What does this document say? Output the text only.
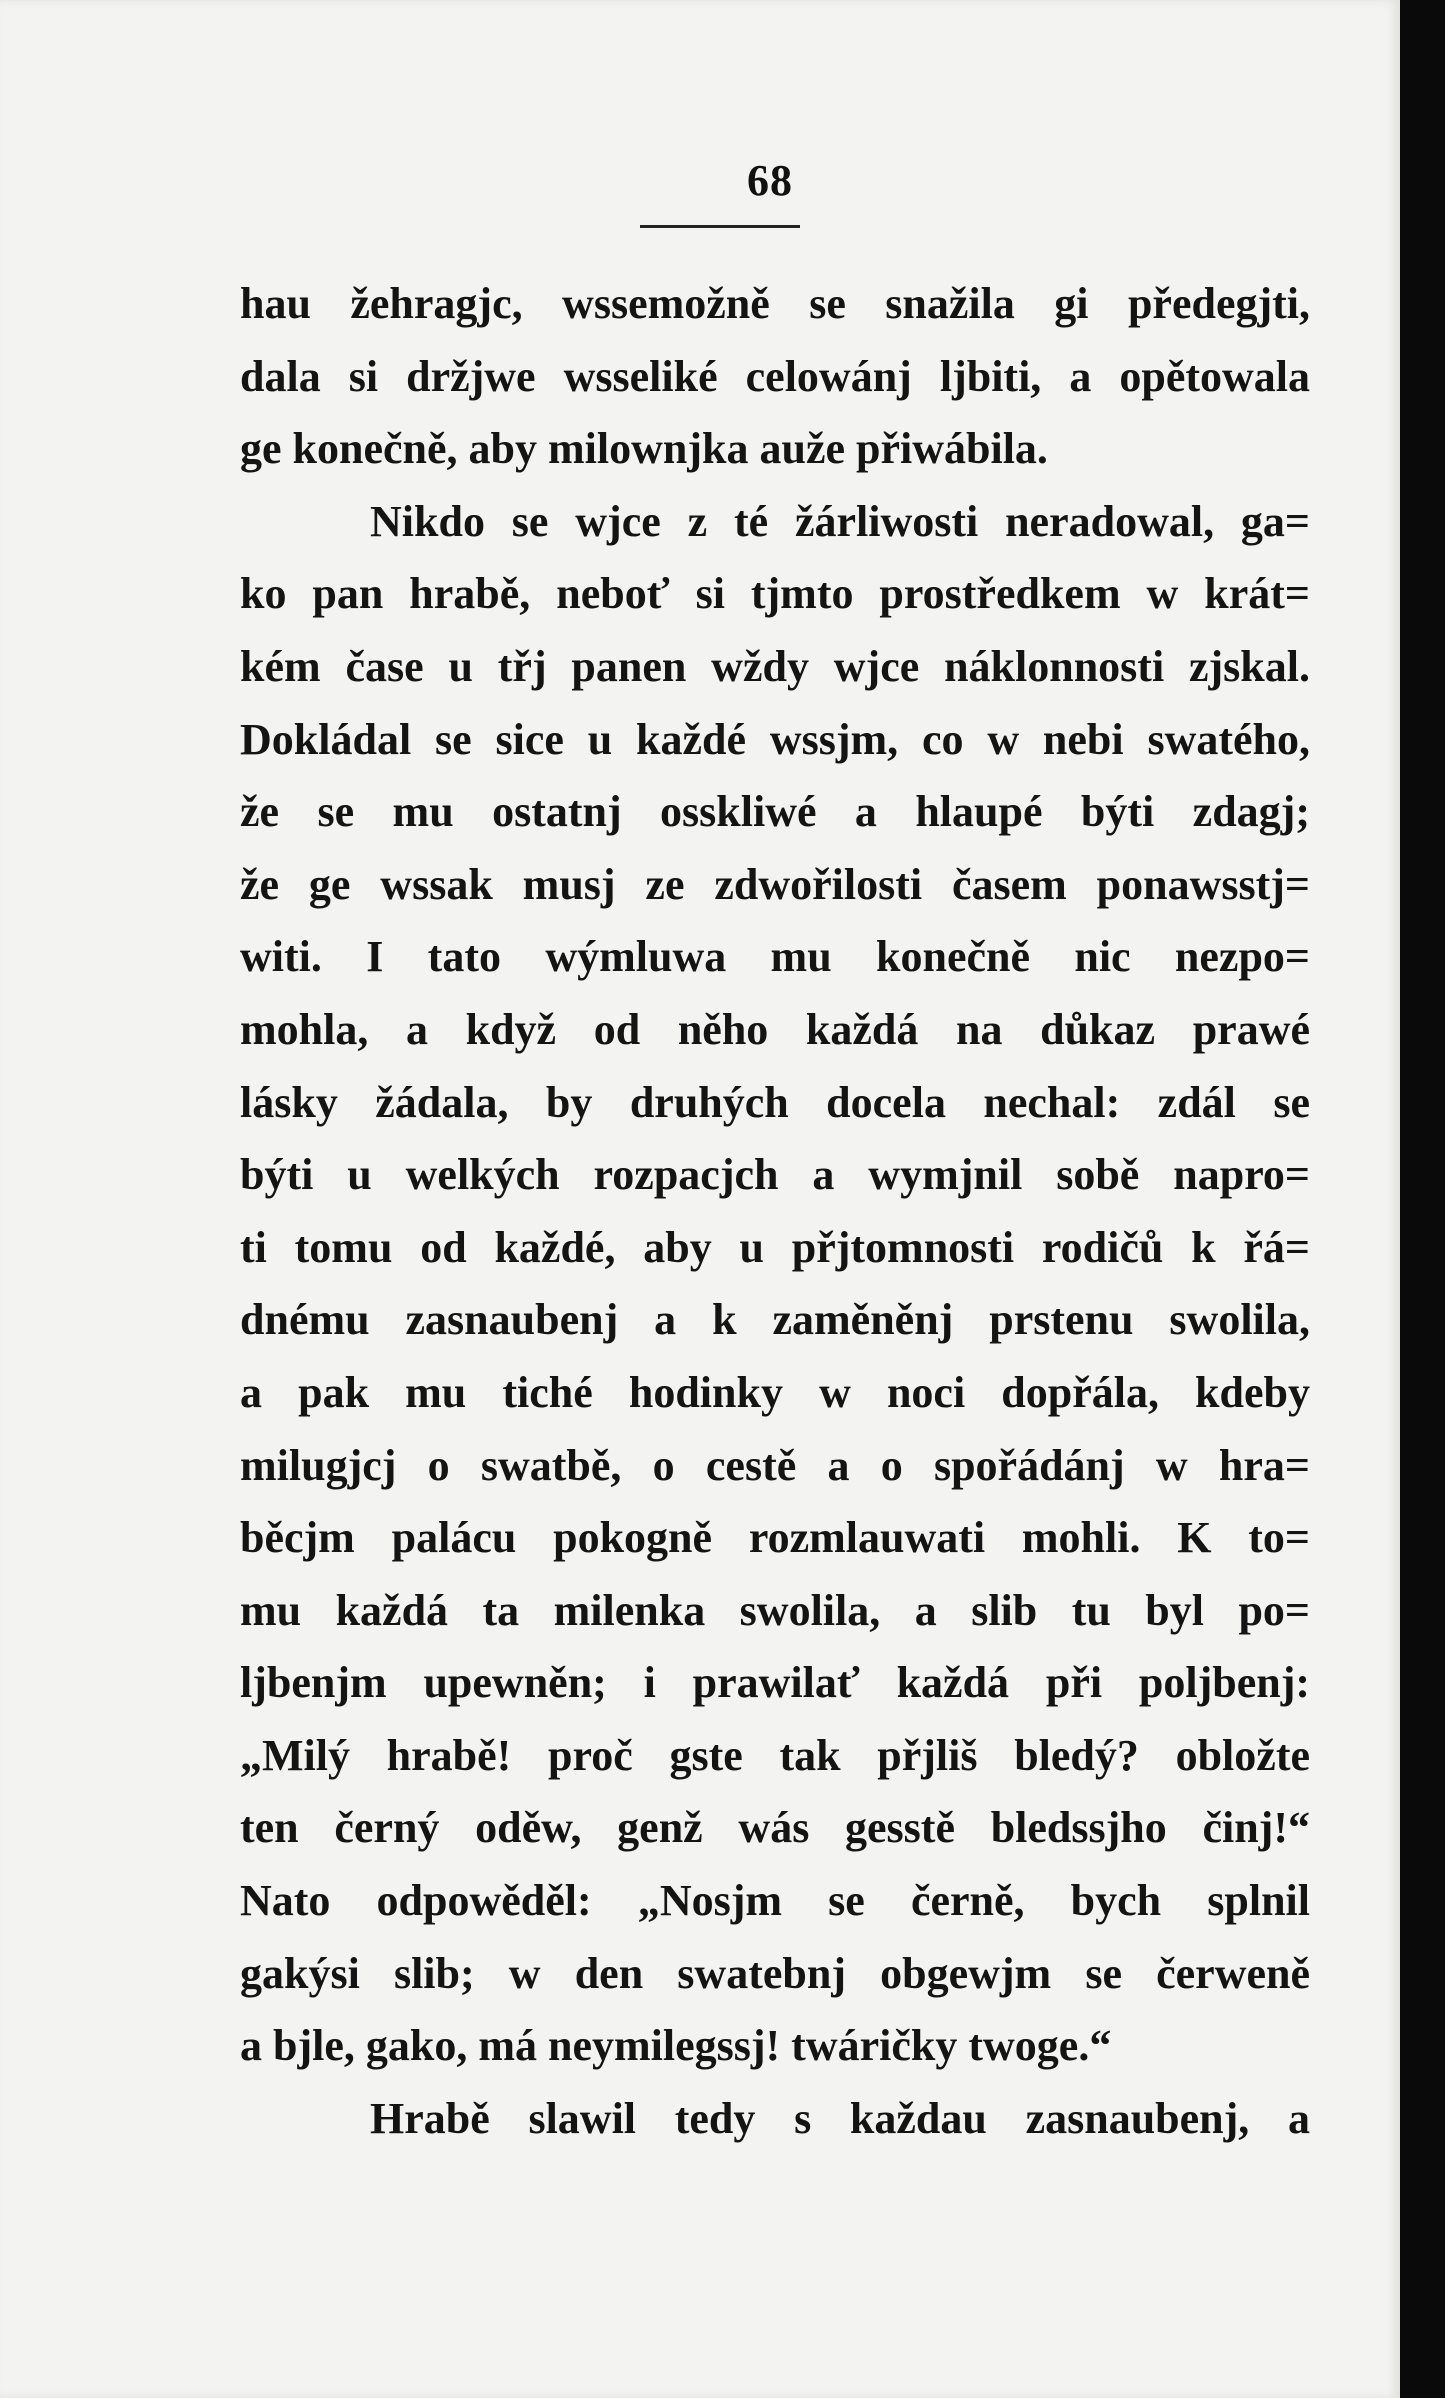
68
hau žehragjc, wssemožně se snažila gi předegjti,
dala si držjwe wsseliké celowánj ljbiti, a opětowala
ge konečně, aby milownjka auže přiwábila.
Nikdo se wjce z té žárliwosti neradowal, ga=
ko pan hrabě, neboť si tjmto prostředkem w krát=
kém čase u třj panen wždy wjce náklonnosti zjskal.
Dokládal se sice u každé wssjm, co w nebi swatého,
že se mu ostatnj osskliwé a hlaupé býti zdagj;
že ge wssak musj ze zdwořilosti časem ponawsstj=
witi. I tato wýmluwa mu konečně nic nezpo=
mohla, a když od něho každá na důkaz prawé
lásky žádala, by druhých docela nechal: zdál se
býti u welkých rozpacjch a wymjnil sobě napro=
ti tomu od každé, aby u přjtomnosti rodičů k řá=
dnému zasnaubenj a k zaměněnj prstenu swolila,
a pak mu tiché hodinky w noci dopřála, kdeby
milugjcj o swatbě, o cestě a o spořádánj w hra=
běcjm palácu pokogně rozmlauwati mohli. K to=
mu každá ta milenka swolila, a slib tu byl po=
ljbenjm upewněn; i prawilať každá při poljbenj:
„Milý hrabě! proč gste tak přjliš bledý? obložte
ten černý oděw, genž wás gesstě bledssjho činj!“
Nato odpowěděl: „Nosjm se černě, bych splnil
gakýsi slib; w den swatebnj obgewjm se čerweně
a bjle, gako, má neymilegssj! twáričky twoge.“
Hrabě slawil tedy s každau zasnaubenj, a
